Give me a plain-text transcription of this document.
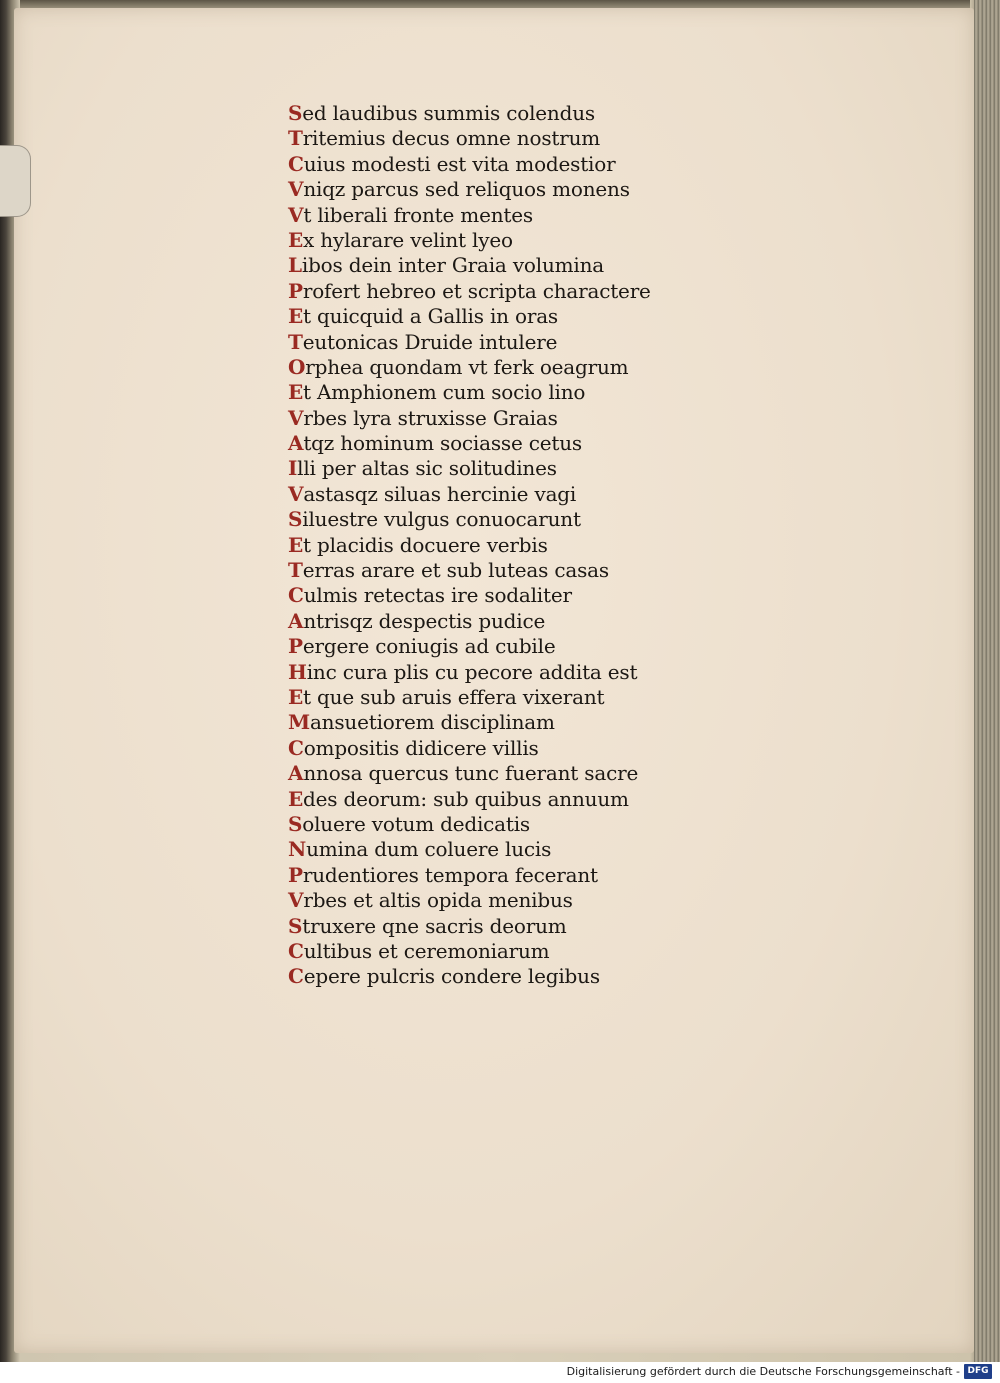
Sed laudibus summis colendus
Tritemius decus omne nostrum
Cuius modesti est vita modestior
Vniqz parcus sed reliquos monens
Vt liberali fronte mentes
Ex hylarare velint lyeo
Libos dein inter Graia volumina
Profert hebreo et scripta charactere
Et quicquid a Gallis in oras
Teutonicas Druide intulere
Orphea quondam vt ferk oeagrum
Et Amphionem cum socio lino
Vrbes lyra struxisse Graias
Atqz hominum sociasse cetus
Illi per altas sic solitudines
Vastasqz siluas hercinie vagi
Siluestre vulgus conuocarunt
Et placidis docuere verbis
Terras arare et sub luteas casas
Culmis retectas ire sodaliter
Antrisqz despectis pudice
Pergere coniugis ad cubile
Hinc cura plis cu pecore addita est
Et que sub aruis effera vixerant
Mansuetiorem disciplinam
Compositis didicere villis
Annosa quercus tunc fuerant sacre
Edes deorum: sub quibus annuum
Soluere votum dedicatis
Numina dum coluere lucis
Prudentiores tempora fecerant
Vrbes et altis opida menibus
Struxere qne sacris deorum
Cultibus et ceremoniarum
Cepere pulcris condere legibus
Digitalisierung gefördert durch die Deutsche Forschungsgemeinschaft - DFG
